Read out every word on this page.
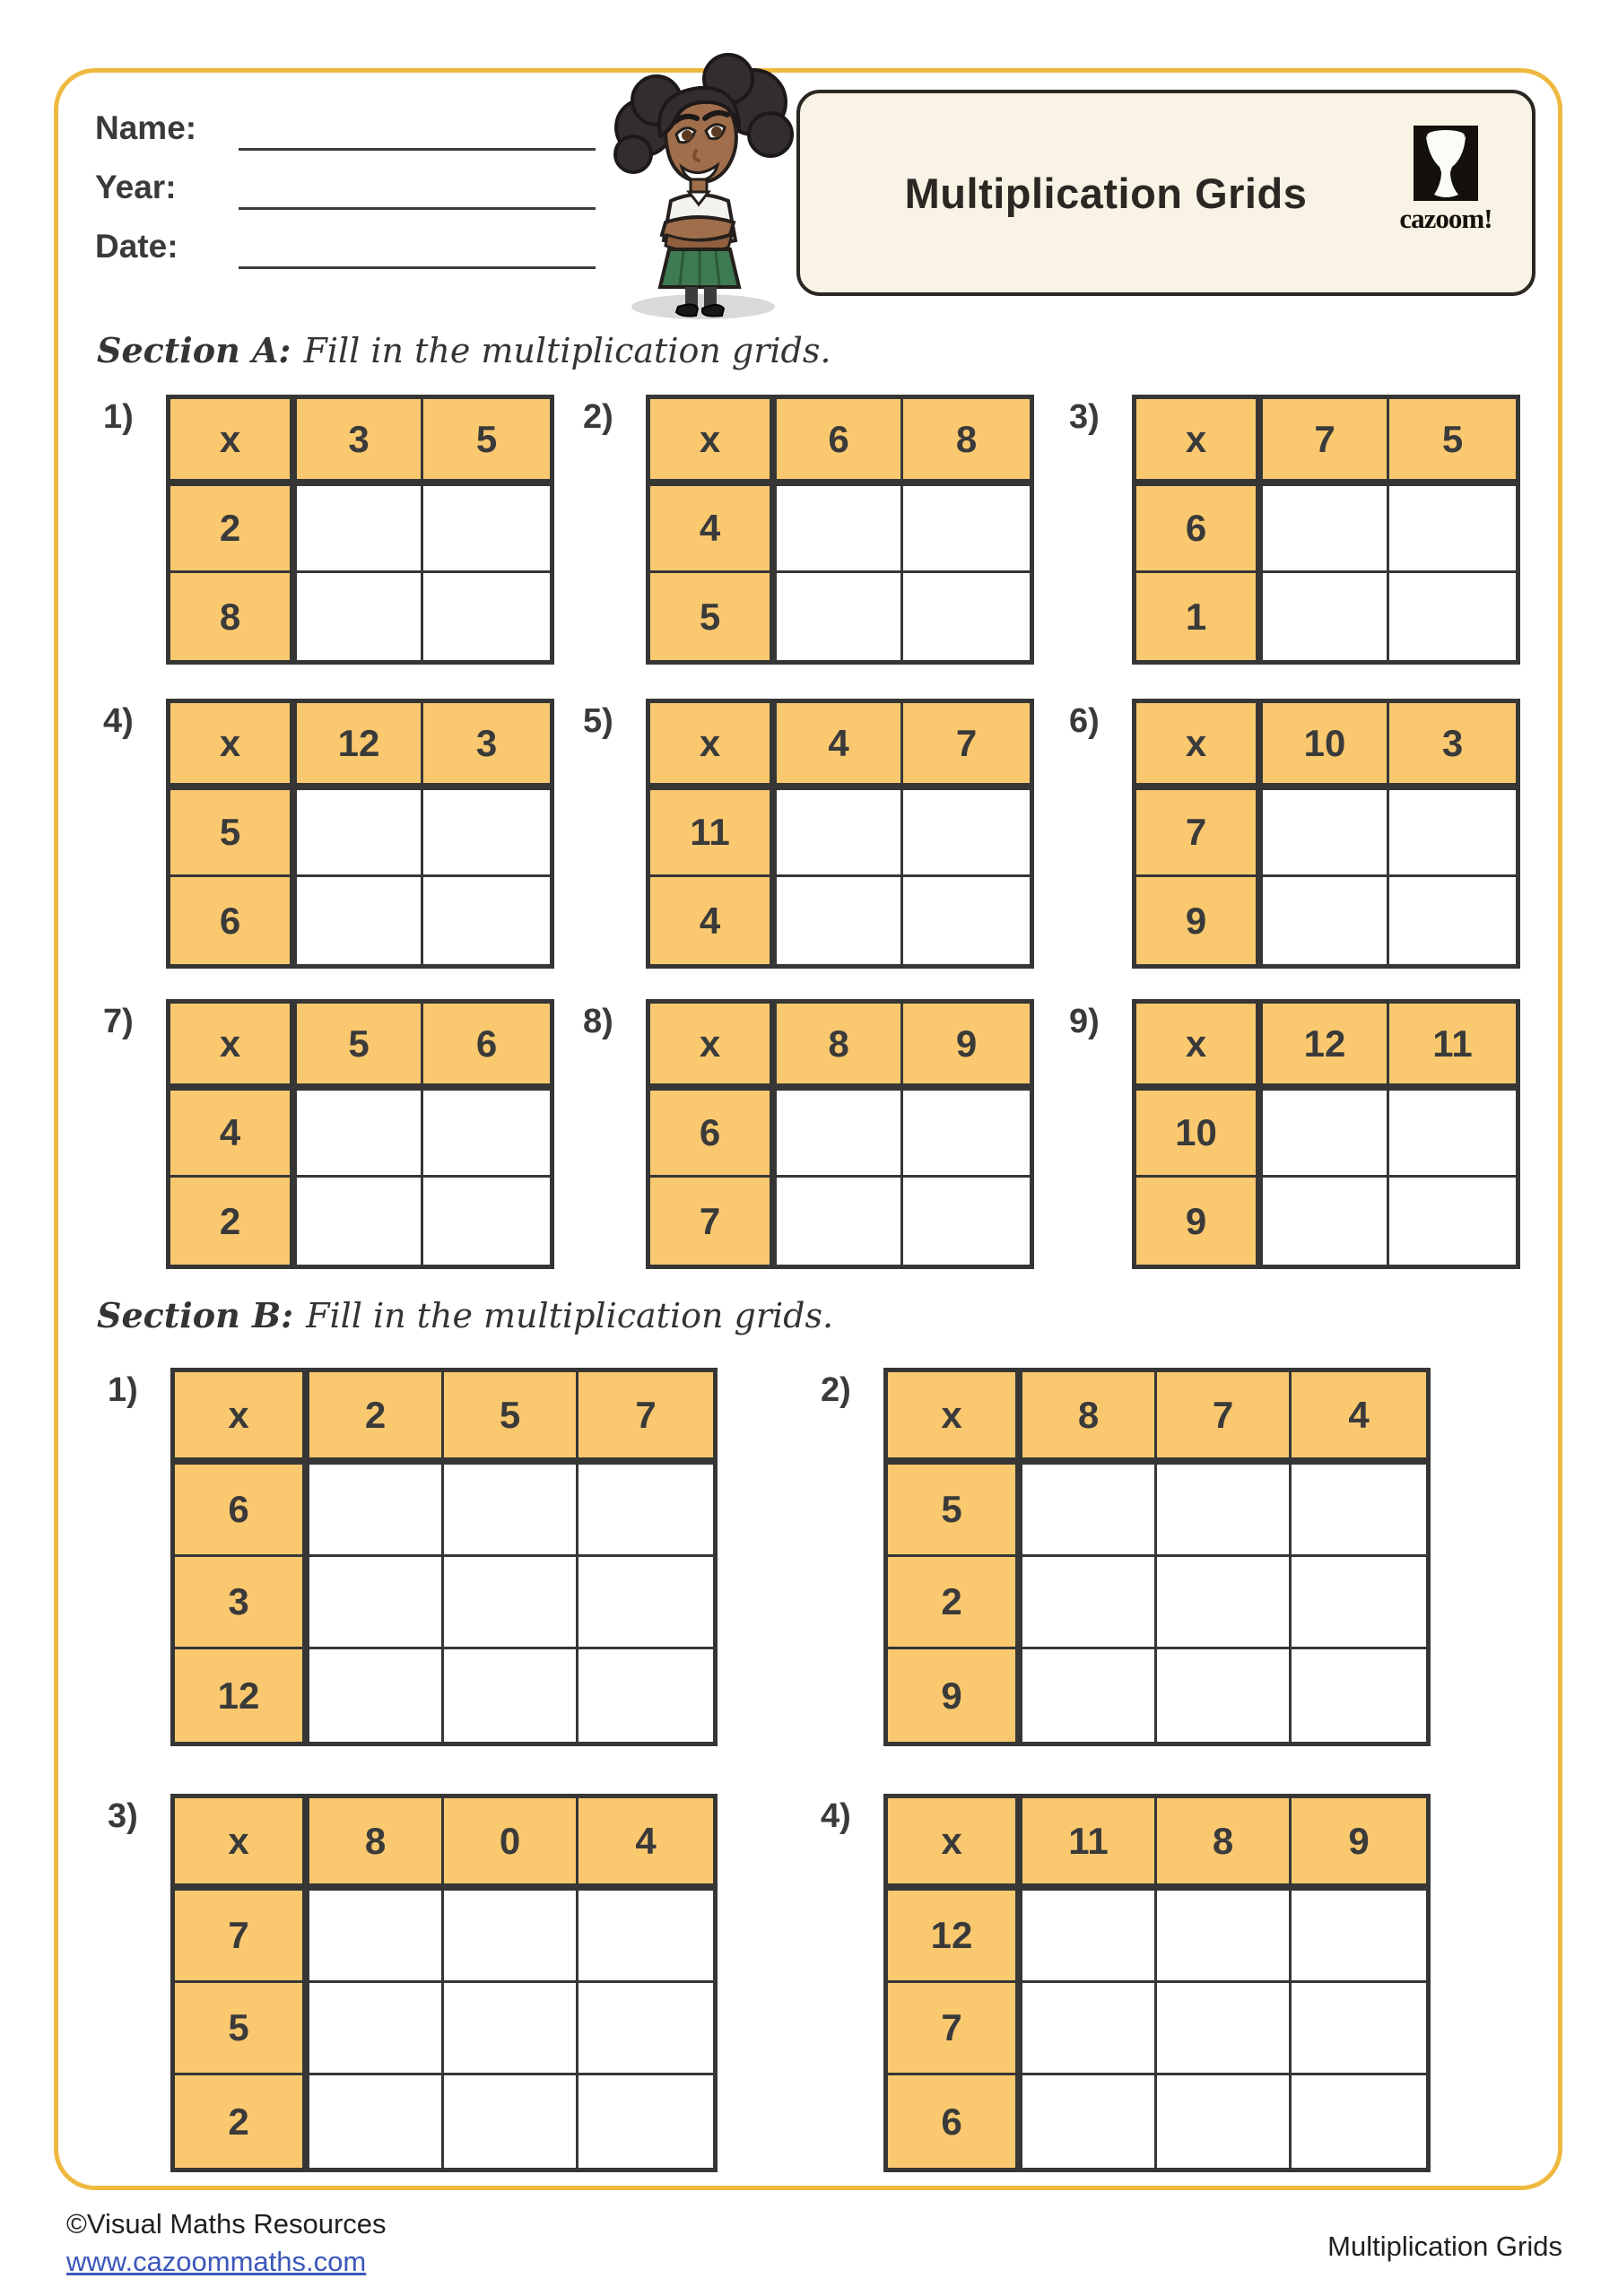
Name:
Year:
Date:
Multiplication Grids
cazoom!
Section A: Fill in the multiplication grids.
Section B: Fill in the multiplication grids.
1)
x	3	5
2
8
2)
x	6	8
4
5
3)
x	7	5
6
1
4)
x	12	3
5
6
5)
x	4	7
11
4
6)
x	10	3
7
9
7)
x	5	6
4
2
8)
x	8	9
6
7
9)
x	12	11
10
9
1)
x	2	5	7
6
3
12
2)
x	8	7	4
5
2
9
3)
x	8	0	4
7
5
2
4)
x	11	8	9
12
7
6
©Visual Maths Resources
www.cazoommaths.com	Multiplication Grids
